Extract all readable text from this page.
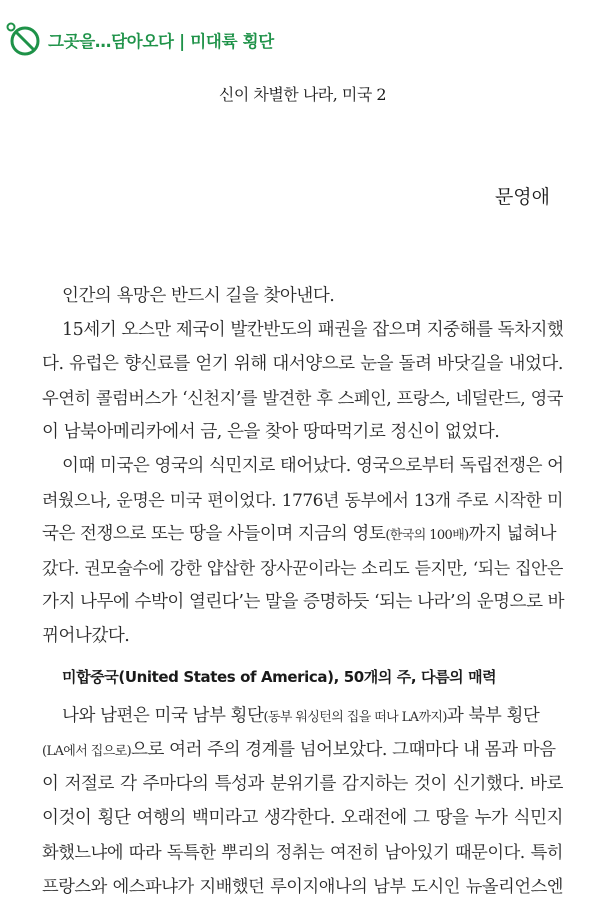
그곳을…담아오다 | 미대륙 횡단
신이 차별한 나라, 미국 2
문영애
인간의 욕망은 반드시 길을 찾아낸다.
15세기 오스만 제국이 발칸반도의 패권을 잡으며 지중해를 독차지했
다. 유럽은 향신료를 얻기 위해 대서양으로 눈을 돌려 바닷길을 내었다.
우연히 콜럼버스가 ‘신천지’를 발견한 후 스페인, 프랑스, 네덜란드, 영국
이 남북아메리카에서 금, 은을 찾아 땅따먹기로 정신이 없었다.
이때 미국은 영국의 식민지로 태어났다. 영국으로부터 독립전쟁은 어
려웠으나, 운명은 미국 편이었다. 1776년 동부에서 13개 주로 시작한 미
국은 전쟁으로 또는 땅을 사들이며 지금의 영토(한국의 100배)까지 넓혀나
갔다. 권모술수에 강한 얍삽한 장사꾼이라는 소리도 듣지만, ‘되는 집안은
가지 나무에 수박이 열린다’는 말을 증명하듯 ‘되는 나라’의 운명으로 바
뀌어나갔다.
미합중국(United States of America), 50개의 주, 다름의 매력
나와 남편은 미국 남부 횡단(동부 워싱턴의 집을 떠나 LA까지)과 북부 횡단
(LA에서 집으로)으로 여러 주의 경계를 넘어보았다. 그때마다 내 몸과 마음
이 저절로 각 주마다의 특성과 분위기를 감지하는 것이 신기했다. 바로
이것이 횡단 여행의 백미라고 생각한다. 오래전에 그 땅을 누가 식민지
화했느냐에 따라 독특한 뿌리의 정취는 여전히 남아있기 때문이다. 특히
프랑스와 에스파냐가 지배했던 루이지애나의 남부 도시인 뉴올리언스엔
